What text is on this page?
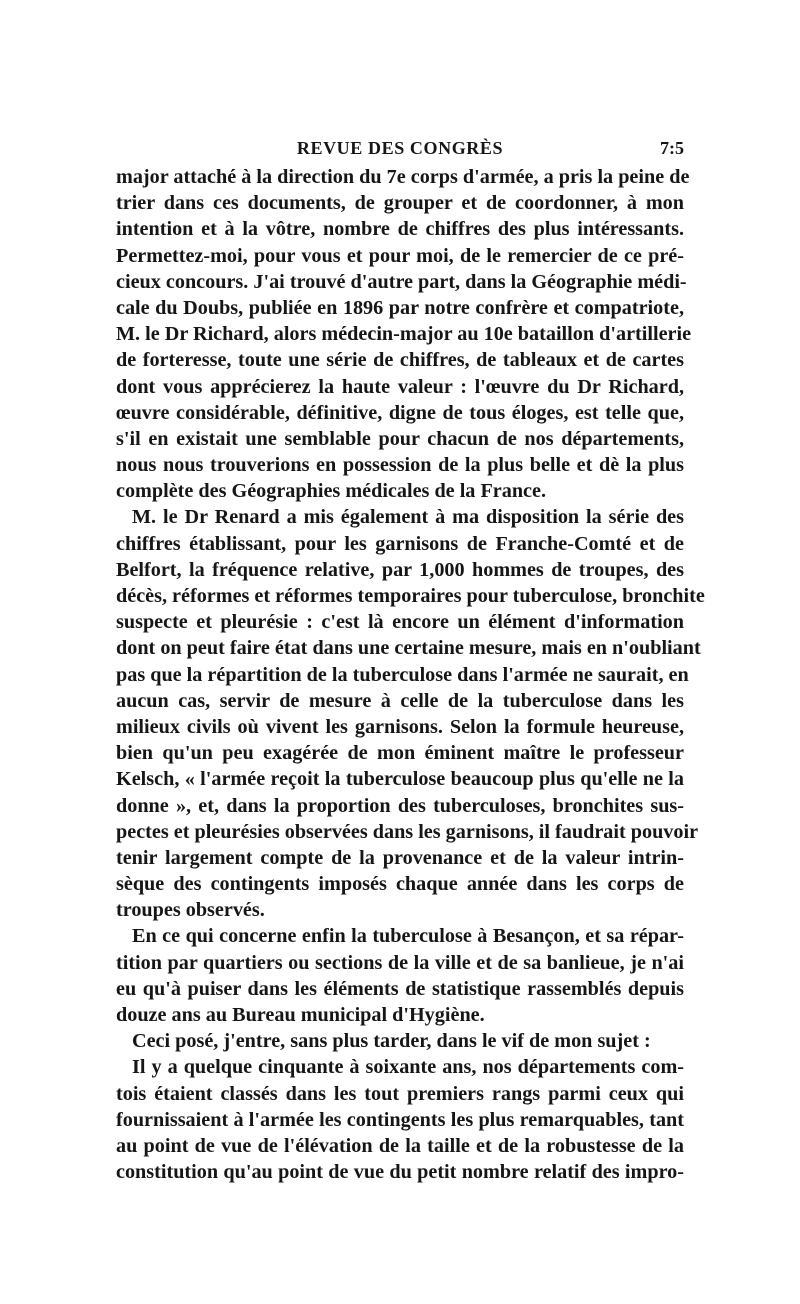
REVUE DES CONGRÈS	7:5
major attaché à la direction du 7e corps d'armée, a pris la peine de
trier dans ces documents, de grouper et de coordonner, à mon
intention et à la vôtre, nombre de chiffres des plus intéressants.
Permettez-moi, pour vous et pour moi, de le remercier de ce pré-
cieux concours. J'ai trouvé d'autre part, dans la Géographie médi-
cale du Doubs, publiée en 1896 par notre confrère et compatriote,
M. le Dr Richard, alors médecin-major au 10e bataillon d'artillerie
de forteresse, toute une série de chiffres, de tableaux et de cartes
dont vous apprécierez la haute valeur : l'œuvre du Dr Richard,
œuvre considérable, définitive, digne de tous éloges, est telle que,
s'il en existait une semblable pour chacun de nos départements,
nous nous trouverions en possession de la plus belle et dè la plus
complète des Géographies médicales de la France.
M. le Dr Renard a mis également à ma disposition la série des
chiffres établissant, pour les garnisons de Franche-Comté et de
Belfort, la fréquence relative, par 1,000 hommes de troupes, des
décès, réformes et réformes temporaires pour tuberculose, bronchite
suspecte et pleurésie : c'est là encore un élément d'information
dont on peut faire état dans une certaine mesure, mais en n'oubliant
pas que la répartition de la tuberculose dans l'armée ne saurait, en
aucun cas, servir de mesure à celle de la tuberculose dans les
milieux civils où vivent les garnisons. Selon la formule heureuse,
bien qu'un peu exagérée de mon éminent maître le professeur
Kelsch, « l'armée reçoit la tuberculose beaucoup plus qu'elle ne la
donne », et, dans la proportion des tuberculoses, bronchites sus-
pectes et pleurésies observées dans les garnisons, il faudrait pouvoir
tenir largement compte de la provenance et de la valeur intrin-
sèque des contingents imposés chaque année dans les corps de
troupes observés.
En ce qui concerne enfin la tuberculose à Besançon, et sa répar-
tition par quartiers ou sections de la ville et de sa banlieue, je n'ai
eu qu'à puiser dans les éléments de statistique rassemblés depuis
douze ans au Bureau municipal d'Hygiène.
Ceci posé, j'entre, sans plus tarder, dans le vif de mon sujet :
Il y a quelque cinquante à soixante ans, nos départements com-
tois étaient classés dans les tout premiers rangs parmi ceux qui
fournissaient à l'armée les contingents les plus remarquables, tant
au point de vue de l'élévation de la taille et de la robustesse de la
constitution qu'au point de vue du petit nombre relatif des impro-
